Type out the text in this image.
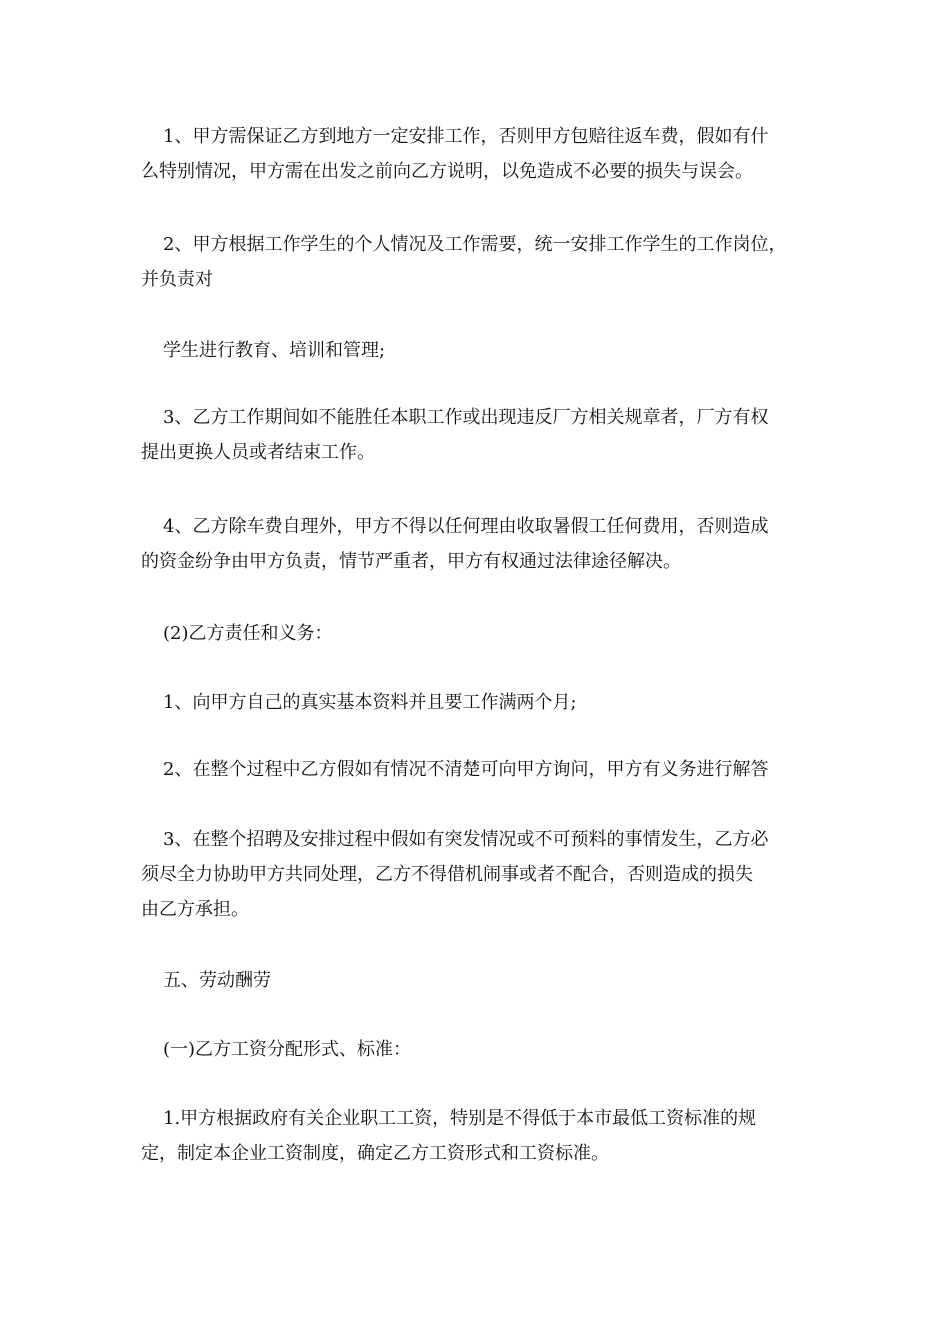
1、甲方需保证乙方到地方一定安排工作，否则甲方包赔往返车费，假如有什
么特别情况，甲方需在出发之前向乙方说明，以免造成不必要的损失与误会。

2、甲方根据工作学生的个人情况及工作需要，统一安排工作学生的工作岗位，
并负责对

学生进行教育、培训和管理;

3、乙方工作期间如不能胜任本职工作或出现违反厂方相关规章者，厂方有权
提出更换人员或者结束工作。

4、乙方除车费自理外，甲方不得以任何理由收取暑假工任何费用，否则造成
的资金纷争由甲方负责，情节严重者，甲方有权通过法律途径解决。

(2)乙方责任和义务：

1、向甲方自己的真实基本资料并且要工作满两个月;

2、在整个过程中乙方假如有情况不清楚可向甲方询问，甲方有义务进行解答

3、在整个招聘及安排过程中假如有突发情况或不可预料的事情发生，乙方必
须尽全力协助甲方共同处理，乙方不得借机闹事或者不配合，否则造成的损失
由乙方承担。

五、劳动酬劳

(一)乙方工资分配形式、标准：

1.甲方根据政府有关企业职工工资，特别是不得低于本市最低工资标准的规
定，制定本企业工资制度，确定乙方工资形式和工资标准。
